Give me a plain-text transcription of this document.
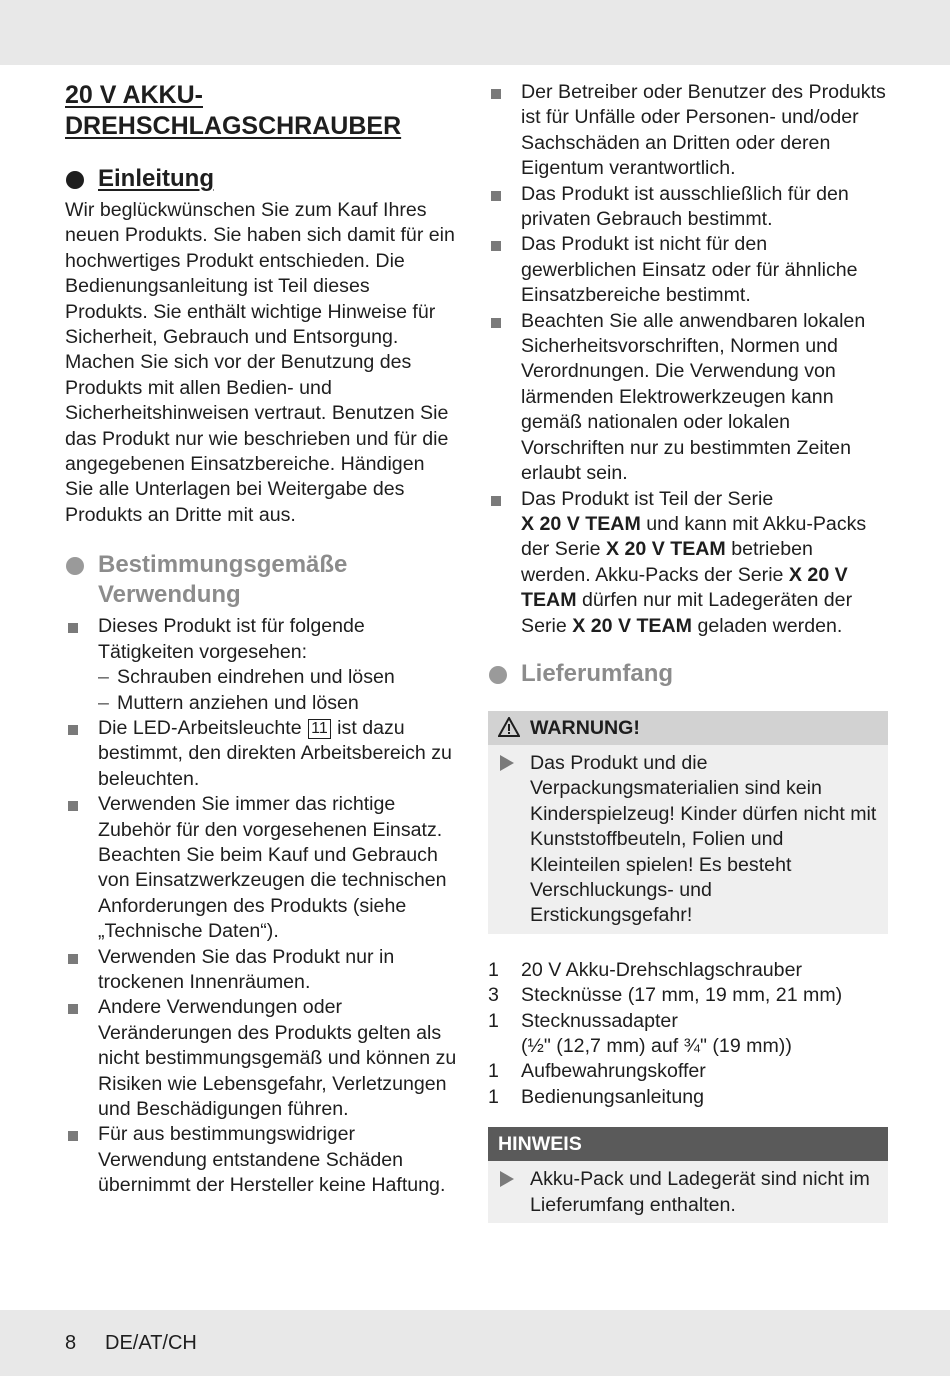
20 V AKKU-
DREHSCHLAGSCHRAUBER
Einleitung

Wir beglückwünschen Sie zum Kauf Ihres neuen Produkts. Sie haben sich damit für ein hochwertiges Produkt entschieden. Die Bedienungsanleitung ist Teil dieses Produkts. Sie enthält wichtige Hinweise für Sicherheit, Gebrauch und Entsorgung. Machen Sie sich vor der Benutzung des Produkts mit allen Bedien- und Sicherheitshinweisen vertraut. Benutzen Sie das Produkt nur wie beschrieben und für die angegebenen Einsatzbereiche. Händigen Sie alle Unterlagen bei Weitergabe des Produkts an Dritte mit aus.

Bestimmungsgemäße
Verwendung
Dieses Produkt ist für folgende Tätigkeiten vorgesehen:
– Schrauben eindrehen und lösen
– Muttern anziehen und lösen
Die LED-Arbeitsleuchte 11 ist dazu bestimmt, den direkten Arbeitsbereich zu beleuchten.
Verwenden Sie immer das richtige Zubehör für den vorgesehenen Einsatz. Beachten Sie beim Kauf und Gebrauch von Einsatzwerkzeugen die technischen Anforderungen des Produkts (siehe „Technische Daten“).
Verwenden Sie das Produkt nur in trockenen Innenräumen.
Andere Verwendungen oder Veränderungen des Produkts gelten als nicht bestimmungsgemäß und können zu Risiken wie Lebensgefahr, Verletzungen und Beschädigungen führen.
Für aus bestimmungswidriger Verwendung entstandene Schäden übernimmt der Hersteller keine Haftung.
Der Betreiber oder Benutzer des Produkts ist für Unfälle oder Personen- und/oder Sachschäden an Dritten oder deren Eigentum verantwortlich.
Das Produkt ist ausschließlich für den privaten Gebrauch bestimmt.
Das Produkt ist nicht für den gewerblichen Einsatz oder für ähnliche Einsatzbereiche bestimmt.
Beachten Sie alle anwendbaren lokalen Sicherheitsvorschriften, Normen und Verordnungen. Die Verwendung von lärmenden Elektrowerkzeugen kann gemäß nationalen oder lokalen Vorschriften nur zu bestimmten Zeiten erlaubt sein.
Das Produkt ist Teil der Serie
X 20 V TEAM und kann mit Akku-Packs der Serie X 20 V TEAM betrieben werden. Akku-Packs der Serie X 20 V TEAM dürfen nur mit Ladegeräten der Serie X 20 V TEAM geladen werden.
Lieferumfang
WARNUNG!
Das Produkt und die Verpackungsmaterialien sind kein Kinderspielzeug! Kinder dürfen nicht mit Kunststoffbeuteln, Folien und Kleinteilen spielen! Es besteht Verschluckungs- und Erstickungsgefahr!
1 20 V Akku-Drehschlagschrauber
3 Stecknüsse (17 mm, 19 mm, 21 mm)
1 Stecknussadapter
(½" (12,7 mm) auf ¾" (19 mm))
1 Aufbewahrungskoffer
1 Bedienungsanleitung
HINWEIS
Akku-Pack und Ladegerät sind nicht im Lieferumfang enthalten.
8 DE/AT/CH
